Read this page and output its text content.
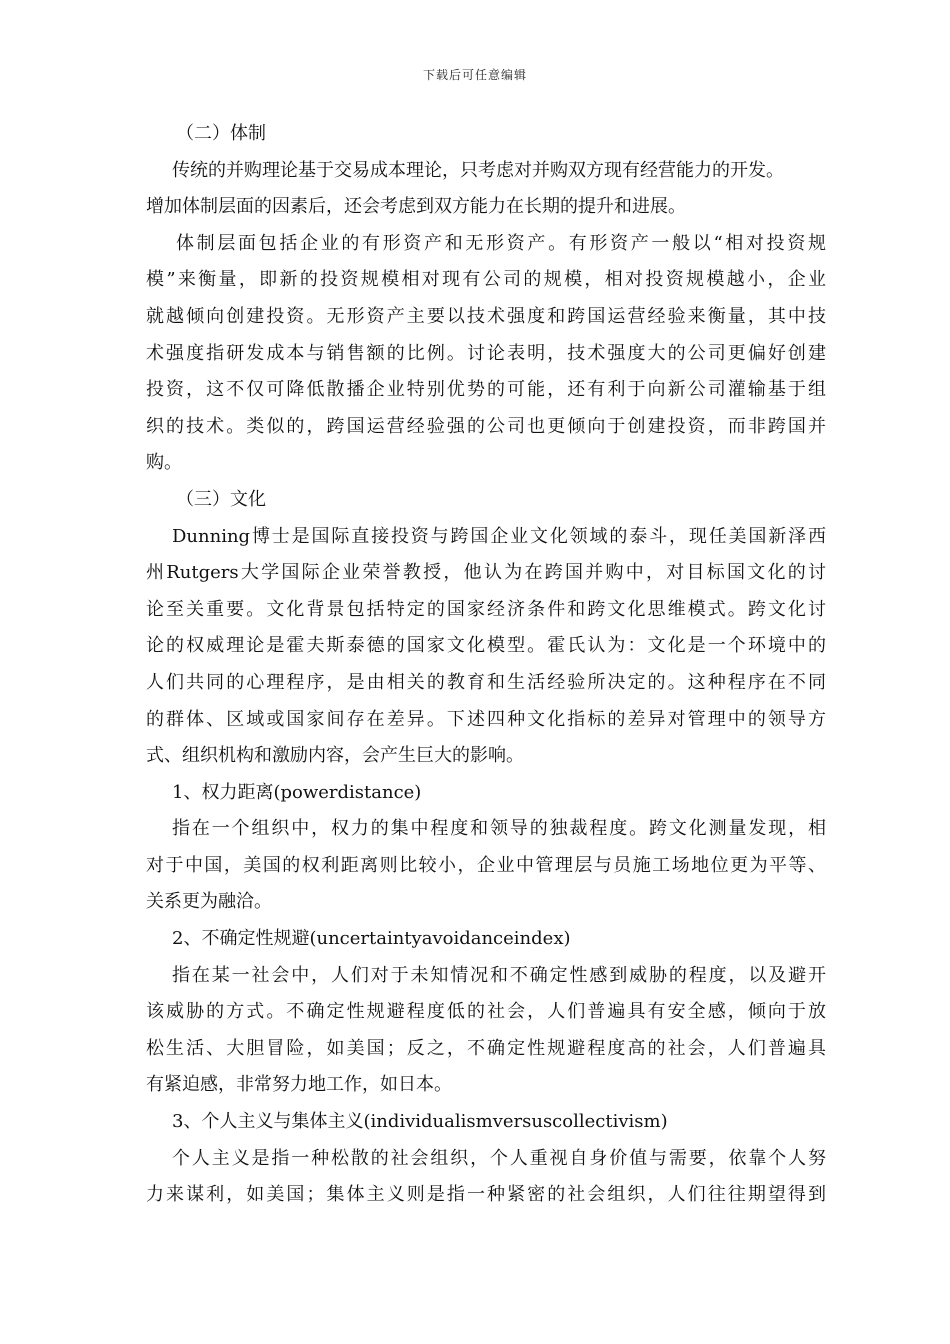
下载后可任意编辑
（二）体制
传统的并购理论基于交易成本理论，只考虑对并购双方现有经营能力的开发。
增加体制层面的因素后，还会考虑到双方能力在长期的提升和进展。
体制层面包括企业的有形资产和无形资产。有形资产一般以“相对投资规
模”来衡量，即新的投资规模相对现有公司的规模，相对投资规模越小，企业
就越倾向创建投资。无形资产主要以技术强度和跨国运营经验来衡量，其中技
术强度指研发成本与销售额的比例。讨论表明，技术强度大的公司更偏好创建
投资，这不仅可降低散播企业特别优势的可能，还有利于向新公司灌输基于组
织的技术。类似的，跨国运营经验强的公司也更倾向于创建投资，而非跨国并
购。
（三）文化
Dunning博士是国际直接投资与跨国企业文化领域的泰斗，现任美国新泽西
州Rutgers大学国际企业荣誉教授，他认为在跨国并购中，对目标国文化的讨
论至关重要。文化背景包括特定的国家经济条件和跨文化思维模式。跨文化讨
论的权威理论是霍夫斯泰德的国家文化模型。霍氏认为：文化是一个环境中的
人们共同的心理程序，是由相关的教育和生活经验所决定的。这种程序在不同
的群体、区域或国家间存在差异。下述四种文化指标的差异对管理中的领导方
式、组织机构和激励内容，会产生巨大的影响。
1、权力距离(powerdistance)
指在一个组织中，权力的集中程度和领导的独裁程度。跨文化测量发现，相
对于中国，美国的权利距离则比较小，企业中管理层与员施工场地位更为平等、
关系更为融洽。
2、不确定性规避(uncertaintyavoidanceindex)
指在某一社会中，人们对于未知情况和不确定性感到威胁的程度，以及避开
该威胁的方式。不确定性规避程度低的社会，人们普遍具有安全感，倾向于放
松生活、大胆冒险，如美国；反之，不确定性规避程度高的社会，人们普遍具
有紧迫感，非常努力地工作，如日本。
3、个人主义与集体主义(individualismversuscollectivism)
个人主义是指一种松散的社会组织，个人重视自身价值与需要，依靠个人努
力来谋利，如美国；集体主义则是指一种紧密的社会组织，人们往往期望得到
